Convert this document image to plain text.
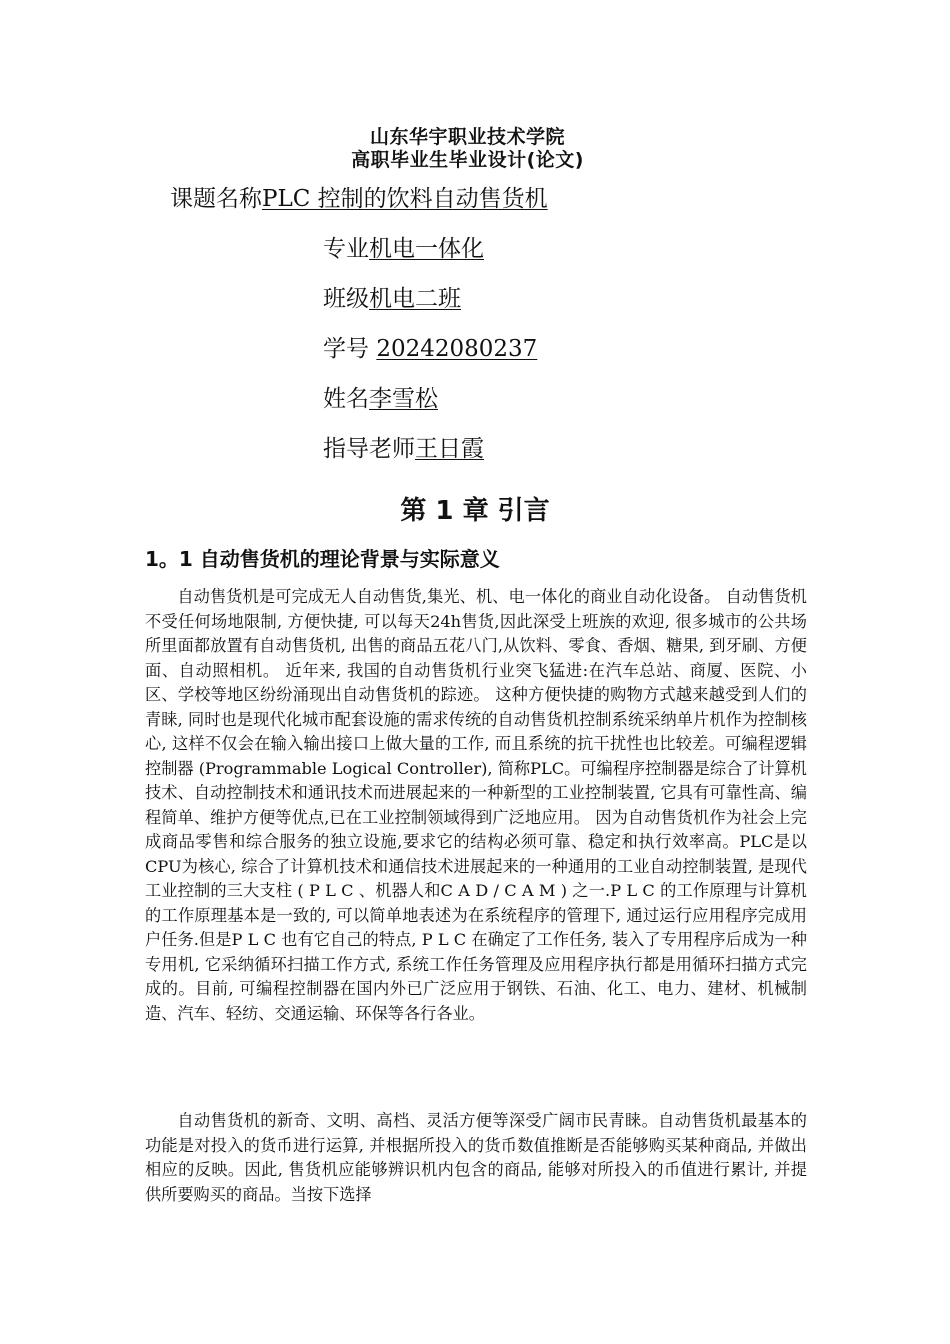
山东华宇职业技术学院
高职毕业生毕业设计(论文)
课题名称PLC 控制的饮料自动售货机
专业机电一体化
班级机电二班
学号 20242080237
姓名李雪松
指导老师王日霞
第 1 章 引言
1。1 自动售货机的理论背景与实际意义

自动售货机是可完成无人自动售货,集光、机、电一体化的商业自动化设备。 自动售货机不受任何场地限制, 方便快捷, 可以每天24h售货,因此深受上班族的欢迎, 很多城市的公共场所里面都放置有自动售货机, 出售的商品五花八门,从饮料、零食、香烟、糖果, 到牙刷、方便面、自动照相机。 近年来, 我国的自动售货机行业突飞猛进:在汽车总站、商厦、医院、小区、学校等地区纷纷涌现出自动售货机的踪迹。 这种方便快捷的购物方式越来越受到人们的青睐, 同时也是现代化城市配套设施的需求传统的自动售货机控制系统采纳单片机作为控制核心, 这样不仅会在输入输出接口上做大量的工作, 而且系统的抗干扰性也比较差。可编程逻辑控制器 (Programmable Logical Controller), 简称PLC。可编程序控制器是综合了计算机技术、自动控制技术和通讯技术而进展起来的一种新型的工业控制装置, 它具有可靠性高、编程简单、维护方便等优点,已在工业控制领域得到广泛地应用。 因为自动售货机作为社会上完成商品零售和综合服务的独立设施,要求它的结构必须可靠、稳定和执行效率高。PLC是以CPU为核心, 综合了计算机技术和通信技术进展起来的一种通用的工业自动控制装置, 是现代工业控制的三大支柱 ( P L C 、机器人和C A D / C A M ) 之一.P L C 的工作原理与计算机的工作原理基本是一致的, 可以简单地表述为在系统程序的管理下, 通过运行应用程序完成用户任务.但是P L C 也有它自己的特点, P L C 在确定了工作任务, 装入了专用程序后成为一种专用机, 它采纳循环扫描工作方式, 系统工作任务管理及应用程序执行都是用循环扫描方式完成的。目前, 可编程控制器在国内外已广泛应用于钢铁、石油、化工、电力、建材、机械制造、汽车、轻纺、交通运输、环保等各行各业。

自动售货机的新奇、文明、高档、灵活方便等深受广阔市民青睐。自动售货机最基本的功能是对投入的货币进行运算, 并根据所投入的货币数值推断是否能够购买某种商品, 并做出相应的反映。因此, 售货机应能够辨识机内包含的商品, 能够对所投入的币值进行累计, 并提供所要购买的商品。当按下选择
